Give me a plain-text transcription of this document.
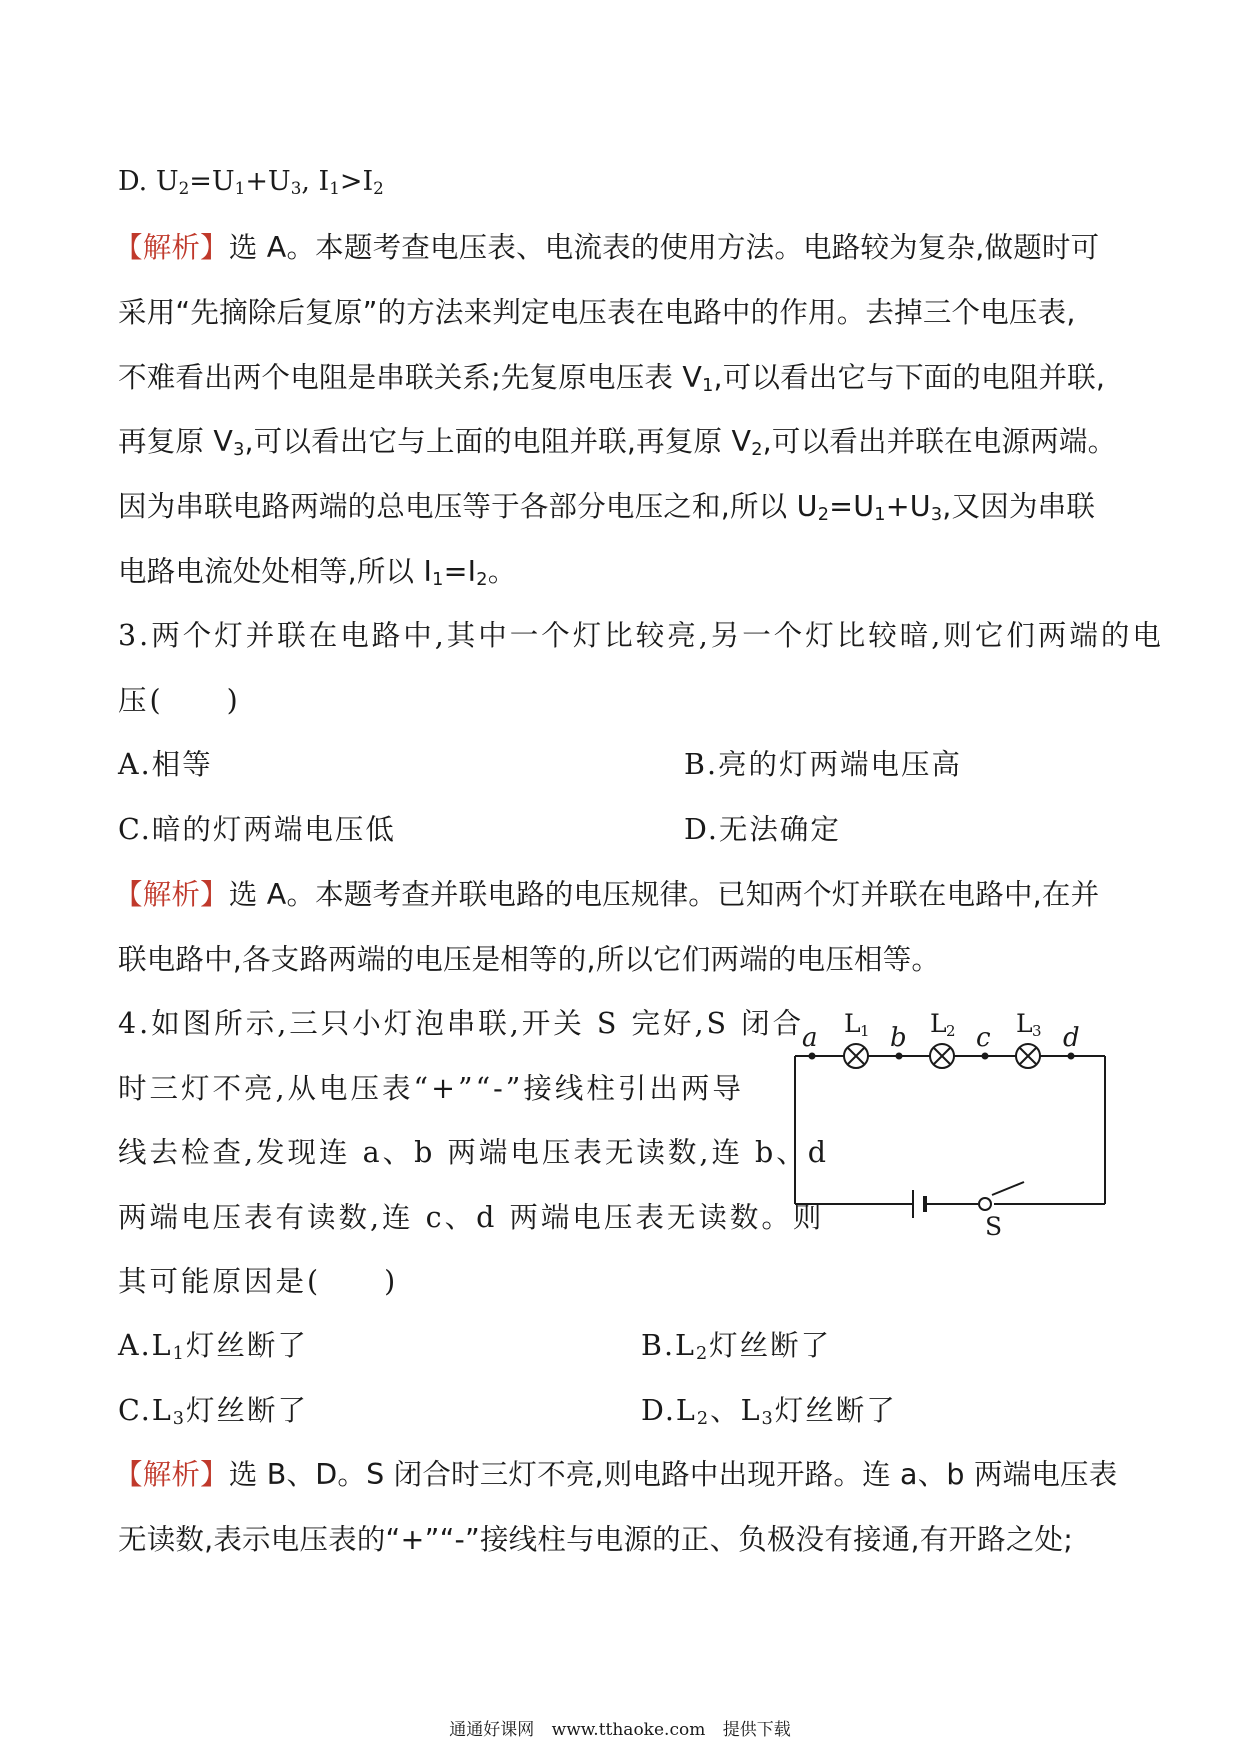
D. $U_2=U_1+U_3$, $I_1>I_2$
【解析】选 A。本题考查电压表、电流表的使用方法。电路较为复杂,做题时可
采用“先摘除后复原”的方法来判定电压表在电路中的作用。去掉三个电压表,
不难看出两个电阻是串联关系;先复原电压表 $V_1$,可以看出它与下面的电阻并联,
再复原 $V_3$,可以看出它与上面的电阻并联,再复原 $V_2$,可以看出并联在电源两端。
因为串联电路两端的总电压等于各部分电压之和,所以 $U_2=U_1+U_3$,又因为串联
电路电流处处相等,所以 $I_1=I_2$。
3.两个灯并联在电路中,其中一个灯比较亮,另一个灯比较暗,则它们两端的电
压(　　)
A.相等	B.亮的灯两端电压高
C.暗的灯两端电压低	D.无法确定
【解析】选 A。本题考查并联电路的电压规律。已知两个灯并联在电路中,在并
联电路中,各支路两端的电压是相等的,所以它们两端的电压相等。
4.如图所示,三只小灯泡串联,开关 S 完好,S 闭合
时三灯不亮,从电压表“+”“-”接线柱引出两导
线去检查,发现连 a、b 两端电压表无读数,连 b、d
两端电压表有读数,连 c、d 两端电压表无读数。则
其可能原因是(　　)
a	b	c	d
L 1 L 2 L 3
S
$A.L_1$灯丝断了	$B.L_2$灯丝断了
$C.L_3$灯丝断了	$D.L_2$、$L_3$灯丝断了
【解析】选 B、D。S 闭合时三灯不亮,则电路中出现开路。连 a、b 两端电压表
无读数,表示电压表的“+”“-”接线柱与电源的正、负极没有接通,有开路之处;
通通好课网 www.tthaoke.com 提供下载
